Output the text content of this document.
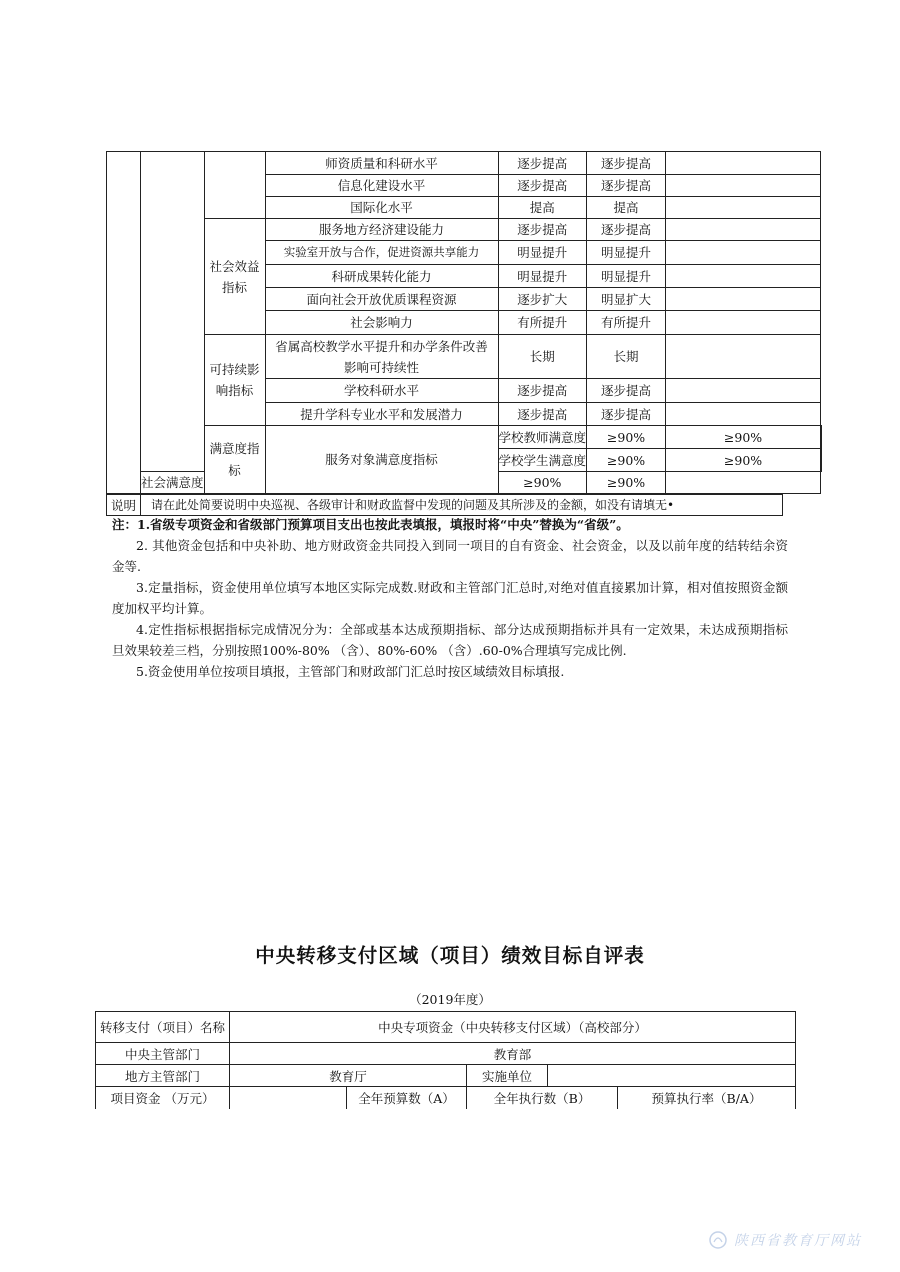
			师资质量和科研水平	逐步提高	逐步提高		
			信息化建设水平	逐步提高	逐步提高		
			国际化水平	提高	提高		
		社会效益指标	服务地方经济建设能力	逐步提高	逐步提高		
			实验室开放与合作，促进资源共享能力	明显提升	明显提升		
			科研成果转化能力	明显提升	明显提升		
			面向社会开放优质课程资源	逐步扩大	明显扩大		
			社会影响力	有所提升	有所提升		
		可持续影响指标	省属高校教学水平提升和办学条件改善影响可持续性	长期	长期		
			学校科研水平	逐步提高	逐步提高		
			提升学科专业水平和发展潜力	逐步提高	逐步提高		
		满意度指标	服务对象满意度指标	学校教师满意度	≥90%	≥90%	
				学校学生满意度	≥90%	≥90%	
	社会满意度			≥90%	≥90%		
说明	请在此处简要说明中央巡视、各级审计和财政监督中发现的问题及其所涉及的金额，如没有请填无•

注：1.省级专项资金和省级部门预算项目支出也按此表填报，填报时将“中央”替换为“省级”。

2. 其他资金包括和中央补助、地方财政资金共同投入到同一项目的自有资金、社会资金，以及以前年度的结转结余资金等.

3.定量指标，资金使用单位填写本地区实际完成数.财政和主管部门汇总时,对绝对值直接累加计算，相对值按照资金额度加权平均计算。

4.定性指标根据指标完成情况分为：全部或基本达成预期指标、部分达成预期指标并具有一定效果，未达成预期指标 旦效果较差三档，分别按照100%-80% （含）、80%-60% （含）.60-0%合理填写完成比例.

5.资金使用单位按项目填报，主管部门和财政部门汇总时按区域绩效目标填报.

中央转移支付区域（项目）绩效目标自评表
（2019年度）
转移支付（项目）名称	中央专项资金（中央转移支付区域）（高校部分）				
中央主管部门	教育部				
地方主管部门	教育厅		实施单位		
项目资金 （万元）		全年预算数（A）	全年执行数（B）		预算执行率（B/A）
陕西省教育厅网站
